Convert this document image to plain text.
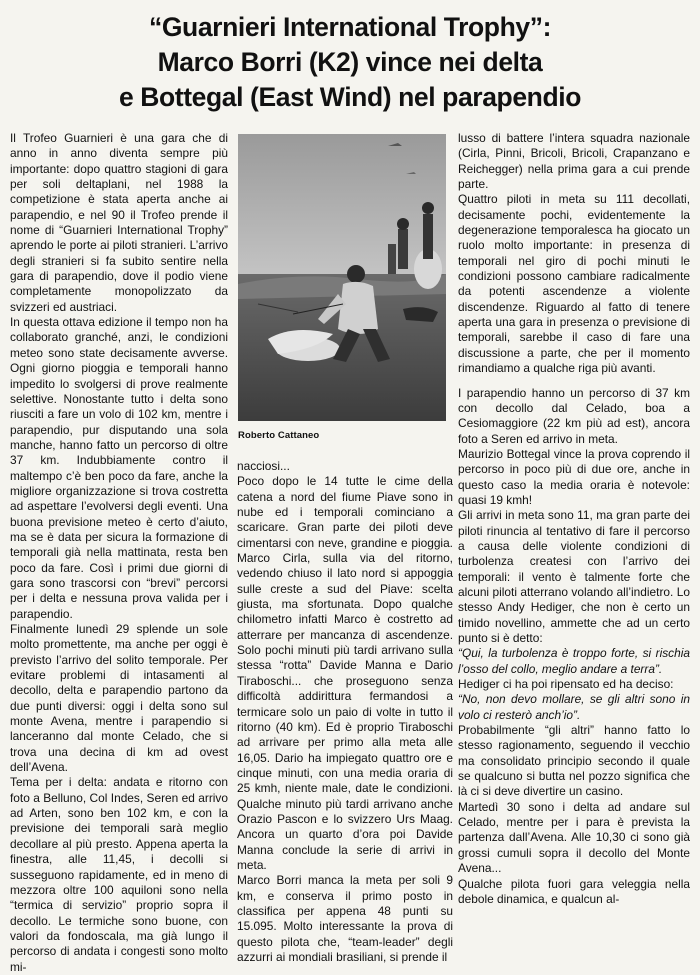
“Guarnieri International Trophy”:
Marco Borri (K2) vince nei delta
e Bottegal (East Wind) nel parapendio

Il Trofeo Guarnieri è una gara che di anno in anno diventa sempre più importante: dopo quattro stagioni di gara per soli deltaplani, nel 1988 la competizione è stata aperta anche ai parapendio, e nel 90 il Trofeo prende il nome di “Guarnieri International Trophy” aprendo le porte ai piloti stranieri. L’arrivo degli stranieri si fa subito sentire nella gara di parapendio, dove il podio viene completamente monopolizzato da svizzeri ed austriaci.

In questa ottava edizione il tempo non ha collaborato granché, anzi, le condizioni meteo sono state decisamente avverse. Ogni giorno pioggia e temporali hanno impedito lo svolgersi di prove realmente selettive. Nonostante tutto i delta sono riusciti a fare un volo di 102 km, mentre i parapendio, pur disputando una sola manche, hanno fatto un percorso di oltre 37 km. Indubbiamente contro il maltempo c’è ben poco da fare, anche la migliore organizzazione si trova costretta ad aspettare l’evolversi degli eventi. Una buona previsione meteo è certo d’aiuto, ma se è data per sicura la formazione di temporali già nella mattinata, resta ben poco da fare. Così i primi due giorni di gara sono trascorsi con “brevi” percorsi per i delta e nessuna prova valida per i parapendio.

Finalmente lunedì 29 splende un sole molto promettente, ma anche per oggi è previsto l’arrivo del solito temporale. Per evitare problemi di intasamenti al decollo, delta e parapendio partono da due punti diversi: oggi i delta sono sul monte Avena, mentre i parapendio si lanceranno dal monte Celado, che si trova una decina di km ad ovest dell’Avena.

Tema per i delta: andata e ritorno con foto a Belluno, Col Indes, Seren ed arrivo ad Arten, sono ben 102 km, e con la previsione dei temporali sarà meglio decollare al più presto. Appena aperta la finestra, alle 11,45, i decolli si susseguono rapidamente, ed in meno di mezzora oltre 100 aquiloni sono nella “termica di servizio” proprio sopra il decollo. Le termiche sono buone, con valori da fondoscala, ma già lungo il percorso di andata i congesti sono molto mi-

Roberto Cattaneo

nacciosi...

Poco dopo le 14 tutte le cime della catena a nord del fiume Piave sono in nube ed i temporali cominciano a scaricare. Gran parte dei piloti deve cimentarsi con neve, grandine e pioggia. Marco Cirla, sulla via del ritorno, vedendo chiuso il lato nord si appoggia sulle creste a sud del Piave: scelta giusta, ma sfortunata. Dopo qualche chilometro infatti Marco è costretto ad atterrare per mancanza di ascendenze. Solo pochi minuti più tardi arrivano sulla stessa “rotta” Davide Manna e Dario Tiraboschi... che proseguono senza difficoltà addirittura fermandosi a termicare solo un paio di volte in tutto il ritorno (40 km). Ed è proprio Tiraboschi ad arrivare per primo alla meta alle 16,05. Dario ha impiegato quattro ore e cinque minuti, con una media oraria di 25 kmh, niente male, date le condizioni. Qualche minuto più tardi arrivano anche Orazio Pascon e lo svizzero Urs Maag. Ancora un quarto d’ora poi Davide Manna conclude la serie di arrivi in meta.

Marco Borri manca la meta per soli 9 km, e conserva il primo posto in classifica per appena 48 punti su 15.095. Molto interessante la prova di questo pilota che, “team-leader” degli azzurri ai mondiali brasiliani, si prende il

lusso di battere l’intera squadra nazionale (Cirla, Pinni, Bricoli, Bricoli, Crapanzano e Reichegger) nella prima gara a cui prende parte.

Quattro piloti in meta su 111 decollati, decisamente pochi, evidentemente la degenerazione temporalesca ha giocato un ruolo molto importante: in presenza di temporali nel giro di pochi minuti le condizioni possono cambiare radicalmente da potenti ascendenze a violente discendenze. Riguardo al fatto di tenere aperta una gara in presenza o previsione di temporali, sarebbe il caso di fare una discussione a parte, che per il momento rimandiamo a qualche riga più avanti.

I parapendio hanno un percorso di 37 km con decollo dal Celado, boa a Cesiomaggiore (22 km più ad est), ancora foto a Seren ed arrivo in meta.

Maurizio Bottegal vince la prova coprendo il percorso in poco più di due ore, anche in questo caso la media oraria è notevole: quasi 19 kmh!

Gli arrivi in meta sono 11, ma gran parte dei piloti rinuncia al tentativo di fare il percorso a causa delle violente condizioni di turbolenza createsi con l’arrivo dei temporali: il vento è talmente forte che alcuni piloti atterrano volando all’indietro. Lo stesso Andy Hediger, che non è certo un timido novellino, ammette che ad un certo punto si è detto:

“Qui, la turbolenza è troppo forte, si rischia l’osso del collo, meglio andare a terra”.

Hediger ci ha poi ripensato ed ha deciso:

“No, non devo mollare, se gli altri sono in volo ci resterò anch’io”.

Probabilmente “gli altri” hanno fatto lo stesso ragionamento, seguendo il vecchio ma consolidato principio secondo il quale se qualcuno si butta nel pozzo significa che là ci si deve divertire un casino.

Martedì 30 sono i delta ad andare sul Celado, mentre per i para è prevista la partenza dall’Avena. Alle 10,30 ci sono già grossi cumuli sopra il decollo del Monte Avena...

Qualche pilota fuori gara veleggia nella debole dinamica, e qualcun al-
